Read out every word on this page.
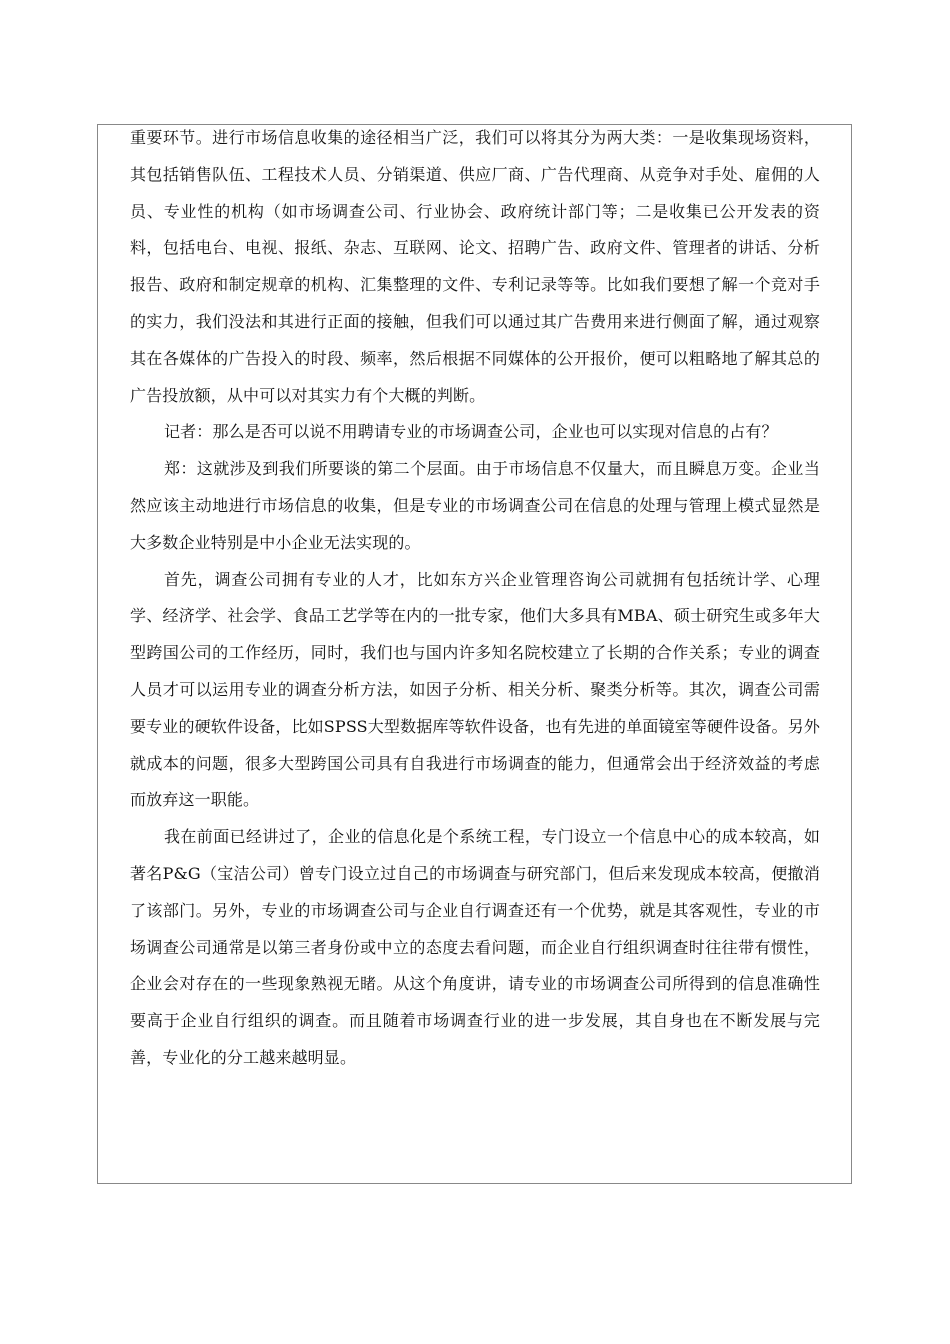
重要环节。进行市场信息收集的途径相当广泛，我们可以将其分为两大类：一是收集现场资料，其包括销售队伍、工程技术人员、分销渠道、供应厂商、广告代理商、从竞争对手处、雇佣的人员、专业性的机构（如市场调查公司、行业协会、政府统计部门等；二是收集已公开发表的资料，包括电台、电视、报纸、杂志、互联网、论文、招聘广告、政府文件、管理者的讲话、分析报告、政府和制定规章的机构、汇集整理的文件、专利记录等等。比如我们要想了解一个竞对手的实力，我们没法和其进行正面的接触，但我们可以通过其广告费用来进行侧面了解，通过观察其在各媒体的广告投入的时段、频率，然后根据不同媒体的公开报价，便可以粗略地了解其总的广告投放额，从中可以对其实力有个大概的判断。

记者：那么是否可以说不用聘请专业的市场调查公司，企业也可以实现对信息的占有？

郑：这就涉及到我们所要谈的第二个层面。由于市场信息不仅量大，而且瞬息万变。企业当然应该主动地进行市场信息的收集，但是专业的市场调查公司在信息的处理与管理上模式显然是大多数企业特别是中小企业无法实现的。

首先，调查公司拥有专业的人才，比如东方兴企业管理咨询公司就拥有包括统计学、心理学、经济学、社会学、食品工艺学等在内的一批专家，他们大多具有MBA、硕士研究生或多年大型跨国公司的工作经历，同时，我们也与国内许多知名院校建立了长期的合作关系；专业的调查人员才可以运用专业的调查分析方法，如因子分析、相关分析、聚类分析等。其次，调查公司需要专业的硬软件设备，比如SPSS大型数据库等软件设备，也有先进的单面镜室等硬件设备。另外就成本的问题，很多大型跨国公司具有自我进行市场调查的能力，但通常会出于经济效益的考虑而放弃这一职能。

我在前面已经讲过了，企业的信息化是个系统工程，专门设立一个信息中心的成本较高，如著名P&G（宝洁公司）曾专门设立过自己的市场调查与研究部门，但后来发现成本较高，便撤消了该部门。另外，专业的市场调查公司与企业自行调查还有一个优势，就是其客观性，专业的市场调查公司通常是以第三者身份或中立的态度去看问题，而企业自行组织调查时往往带有惯性，企业会对存在的一些现象熟视无睹。从这个角度讲，请专业的市场调查公司所得到的信息准确性要高于企业自行组织的调查。而且随着市场调查行业的进一步发展，其自身也在不断发展与完善，专业化的分工越来越明显。
